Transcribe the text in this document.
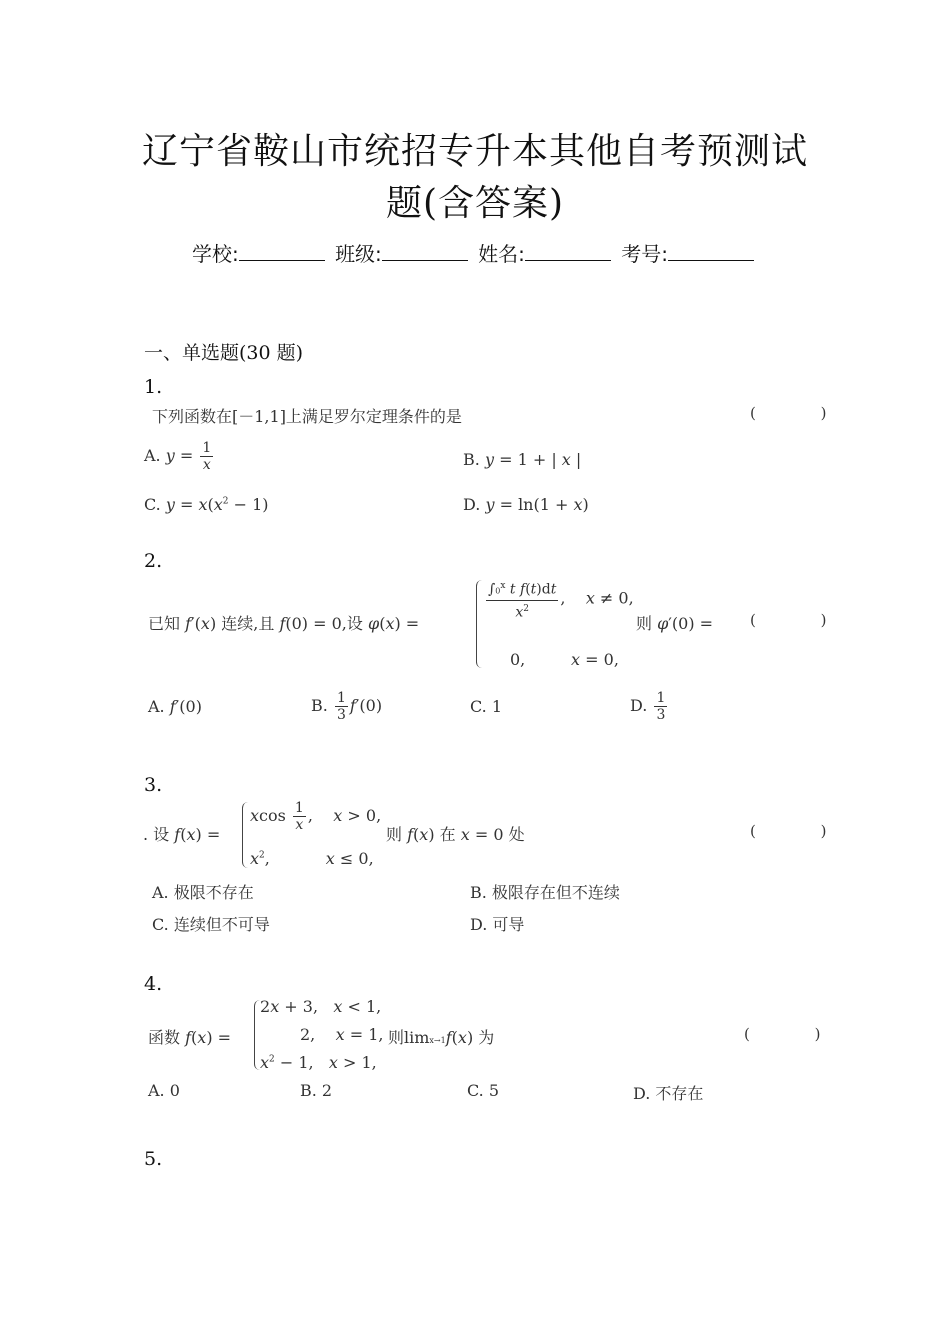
辽宁省鞍山市统招专升本其他自考预测试
题(含答案)
学校:	班级:	姓名:	考号:
一、单选题(30 题)
1.
下列函数在[－1,1]上满足罗尔定理条件的是	( )
A. $y = \frac{1}{x}$	B. y = 1 + | x |
C. $y = x(x^2 - 1)$	D. y = ln(1 + x)
2.
已知 f′(x) 连续,且 f(0) = 0,设 φ(x) =
$\frac{\int 0^x t f(t)dt}{x^2}$ ,    x ≠ 0,
0,         x = 0,
则 φ′(0) = ( )
A. f′(0)	B. $\frac{1}{3} f'(0)$	C. 1	D. $\frac{1}{3}$
3.
. 设 f(x) =
xcos $\frac{1}{x}$ ,    x > 0,
$x^2$,           x ≤ 0,
则 f(x) 在 x = 0 处	( )
A. 极限不存在	B. 极限存在但不连续
C. 连续但不可导	D. 可导
4.
函数 f(x) =
2x + 3,   x < 1,
2,    x = 1,
$x^2 - 1$,   x > 1,
则limx→1f(x) 为	( )
A. 0	B. 2	C. 5	D. 不存在
5.
